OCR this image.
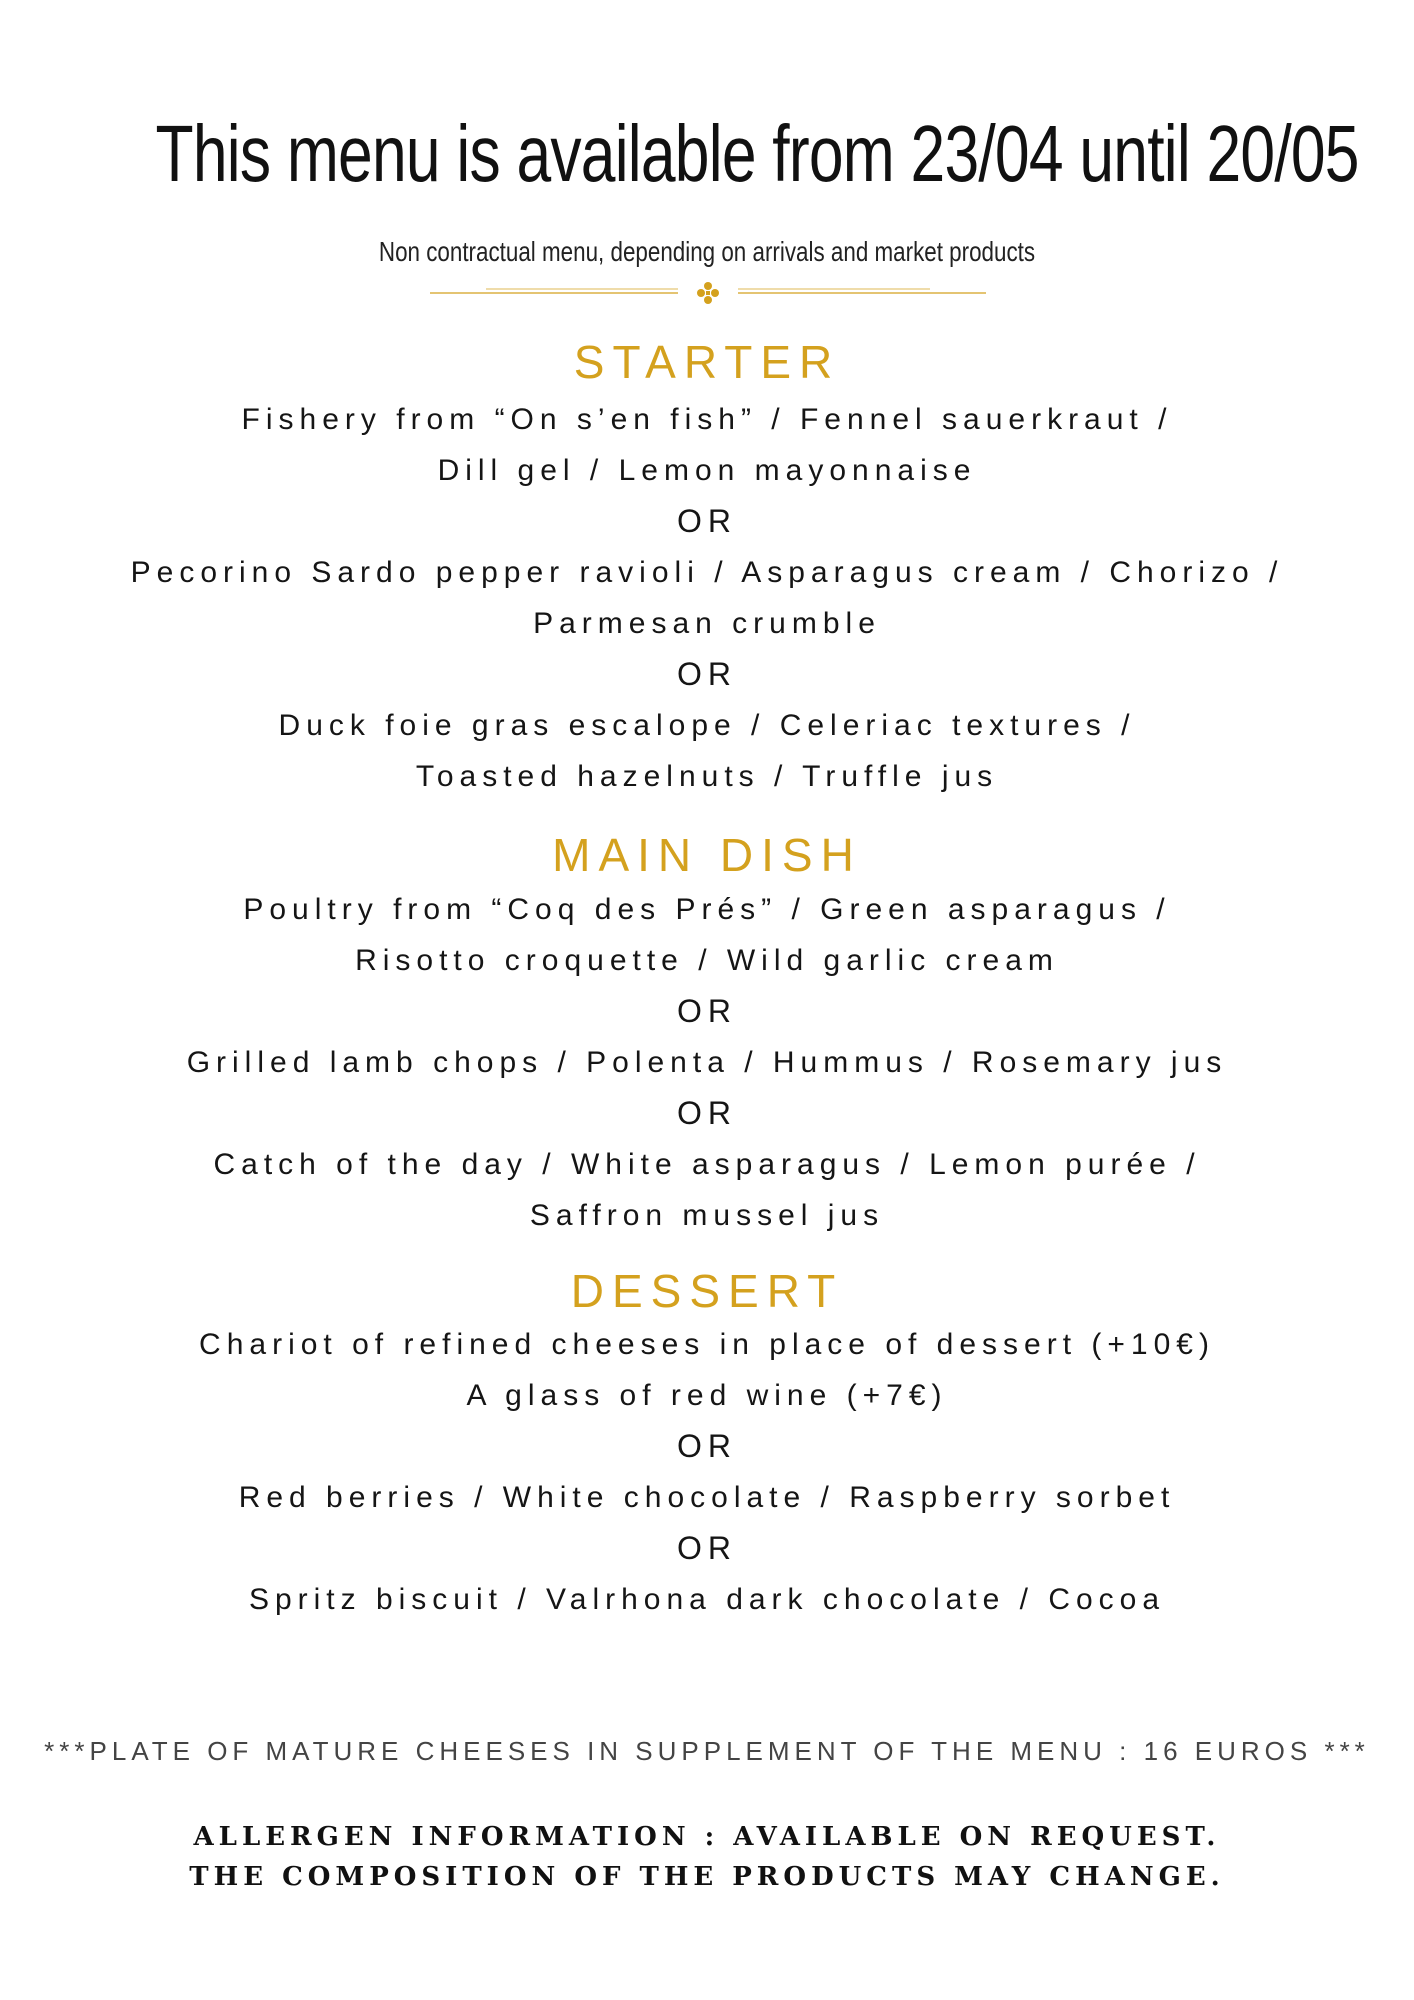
This menu is available from 23/04 until 20/05
Non contractual menu, depending on arrivals and market products
STARTER
Fishery from “On s’en fish” / Fennel sauerkraut /
Dill gel / Lemon mayonnaise
OR
Pecorino Sardo pepper ravioli / Asparagus cream / Chorizo /
Parmesan crumble
OR
Duck foie gras escalope / Celeriac textures /
Toasted hazelnuts / Truffle jus
MAIN DISH
Poultry from “Coq des Prés” / Green asparagus /
Risotto croquette / Wild garlic cream
OR
Grilled lamb chops / Polenta / Hummus / Rosemary jus
OR
Catch of the day / White asparagus / Lemon purée /
Saffron mussel jus
DESSERT
Chariot of refined cheeses in place of dessert (+10€)
A glass of red wine (+7€)
OR
Red berries / White chocolate / Raspberry sorbet
OR
Spritz biscuit / Valrhona dark chocolate / Cocoa
***PLATE OF MATURE CHEESES IN SUPPLEMENT OF THE MENU : 16 EUROS ***
ALLERGEN INFORMATION : AVAILABLE ON REQUEST.
THE COMPOSITION OF THE PRODUCTS MAY CHANGE.
